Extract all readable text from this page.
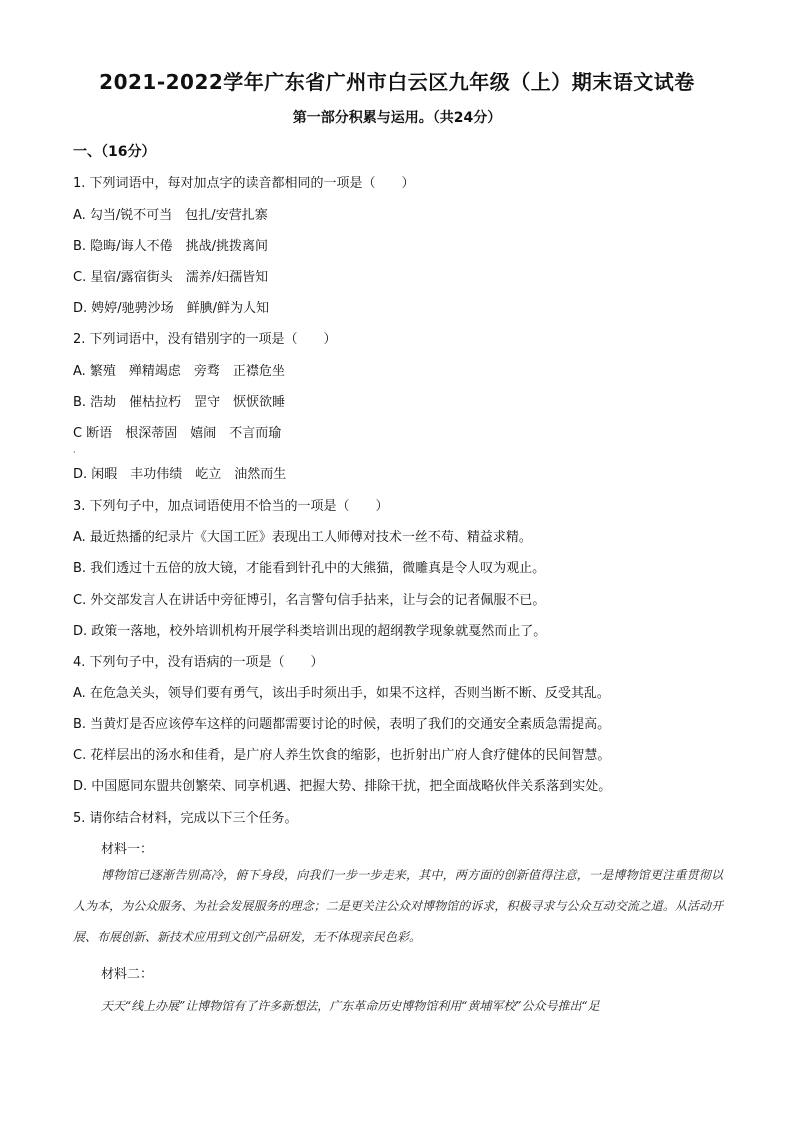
2021-2022学年广东省广州市白云区九年级（上）期末语文试卷
第一部分积累与运用。（共24分）
一、（16分）
1. 下列词语中，每对加点字的读音都相同的一项是（　　）
A. 勾当/锐不可当　包扎/安营扎寨
B. 隐晦/诲人不倦　挑战/挑拨离间
C. 星宿/露宿街头　濡养/妇孺皆知
D. 娉婷/驰骋沙场　鲜腆/鲜为人知
2. 下列词语中，没有错别字的一项是（　　）
A. 繁殖　殚精竭虑　旁骛　正襟危坐
B. 浩劫　催枯拉朽　罡守　恹恹欲睡
C 断语　根深蒂固　嬉闹　不言而瑜
·
D. 闲暇　丰功伟绩　屹立　油然而生
3. 下列句子中，加点词语使用不恰当的一项是（　　）
A. 最近热播的纪录片《大国工匠》表现出工人师傅对技术一丝不苟、精益求精。
B. 我们透过十五倍的放大镜，才能看到针孔中的大熊猫，微雕真是令人叹为观止。
C. 外交部发言人在讲话中旁征博引，名言警句信手拈来，让与会的记者佩服不已。
D. 政策一落地，校外培训机构开展学科类培训出现的超纲教学现象就戛然而止了。
4. 下列句子中，没有语病的一项是（　　）
A. 在危急关头，领导们要有勇气，该出手时须出手，如果不这样，否则当断不断、反受其乱。
B. 当黄灯是否应该停车这样的问题都需要讨论的时候，表明了我们的交通安全素质急需提高。
C. 花样层出的汤水和佳肴，是广府人养生饮食的缩影，也折射出广府人食疗健体的民间智慧。
D. 中国愿同东盟共创繁荣、同享机遇、把握大势、排除干扰，把全面战略伙伴关系落到实处。
5. 请你结合材料，完成以下三个任务。
材料一：
博物馆已逐渐告别高冷，俯下身段，向我们一步一步走来，其中，两方面的创新值得注意，一是博物馆更注重贯彻以人为本，为公众服务、为社会发展服务的理念；二是更关注公众对博物馆的诉求，积极寻求与公众互动交流之道。从活动开展、布展创新、新技术应用到文创产品研发，无不体现亲民色彩。
材料二：
天天“线上办展”让博物馆有了许多新想法，广东革命历史博物馆利用“黄埔军校”公众号推出“足
